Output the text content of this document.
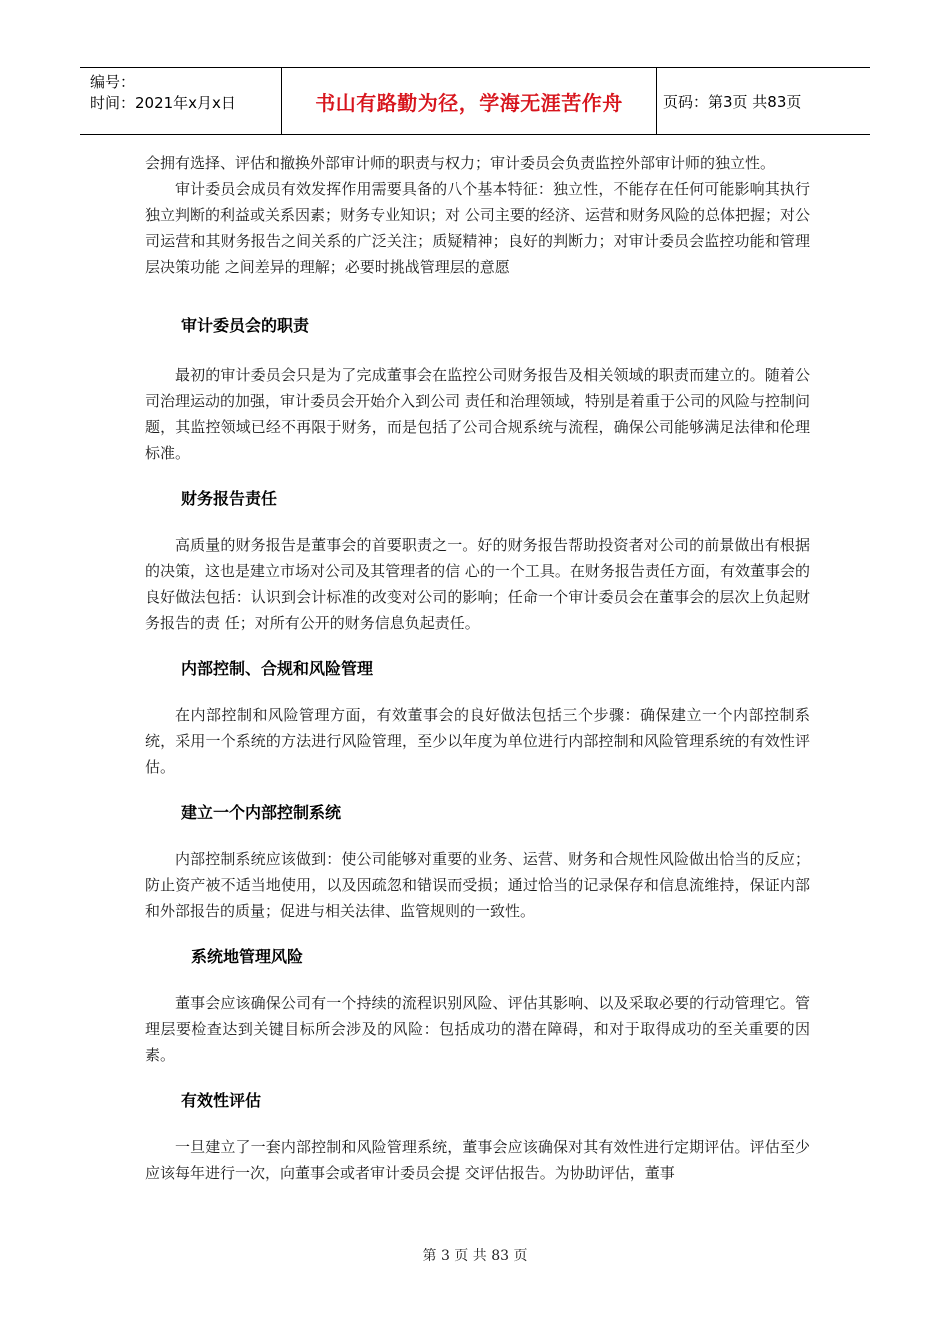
编号：
时间：2021年x月x日	书山有路勤为径，学海无涯苦作舟	页码：第3页 共83页

会拥有选择、评估和撤换外部审计师的职责与权力；审计委员会负责监控外部审计师的独立性。

审计委员会成员有效发挥作用需要具备的八个基本特征：独立性，不能存在任何可能影响其执行独立判断的利益或关系因素；财务专业知识；对 公司主要的经济、运营和财务风险的总体把握；对公司运营和其财务报告之间关系的广泛关注；质疑精神；良好的判断力；对审计委员会监控功能和管理层决策功能 之间差异的理解；必要时挑战管理层的意愿

审计委员会的职责

最初的审计委员会只是为了完成董事会在监控公司财务报告及相关领域的职责而建立的。随着公司治理运动的加强，审计委员会开始介入到公司 责任和治理领域，特别是着重于公司的风险与控制问题，其监控领域已经不再限于财务，而是包括了公司合规系统与流程，确保公司能够满足法律和伦理标准。

财务报告责任

高质量的财务报告是董事会的首要职责之一。好的财务报告帮助投资者对公司的前景做出有根据的决策，这也是建立市场对公司及其管理者的信 心的一个工具。在财务报告责任方面，有效董事会的良好做法包括：认识到会计标准的改变对公司的影响；任命一个审计委员会在董事会的层次上负起财务报告的责 任；对所有公开的财务信息负起责任。

内部控制、合规和风险管理

在内部控制和风险管理方面，有效董事会的良好做法包括三个步骤：确保建立一个内部控制系统，采用一个系统的方法进行风险管理，至少以年度为单位进行内部控制和风险管理系统的有效性评估。

建立一个内部控制系统

内部控制系统应该做到：使公司能够对重要的业务、运营、财务和合规性风险做出恰当的反应；防止资产被不适当地使用，以及因疏忽和错误而受损；通过恰当的记录保存和信息流维持，保证内部和外部报告的质量；促进与相关法律、监管规则的一致性。

系统地管理风险

董事会应该确保公司有一个持续的流程识别风险、评估其影响、以及采取必要的行动管理它。管理层要检查达到关键目标所会涉及的风险：包括成功的潜在障碍，和对于取得成功的至关重要的因素。

有效性评估

一旦建立了一套内部控制和风险管理系统，董事会应该确保对其有效性进行定期评估。评估至少应该每年进行一次，向董事会或者审计委员会提 交评估报告。为协助评估，董事

第 3 页 共 83 页
